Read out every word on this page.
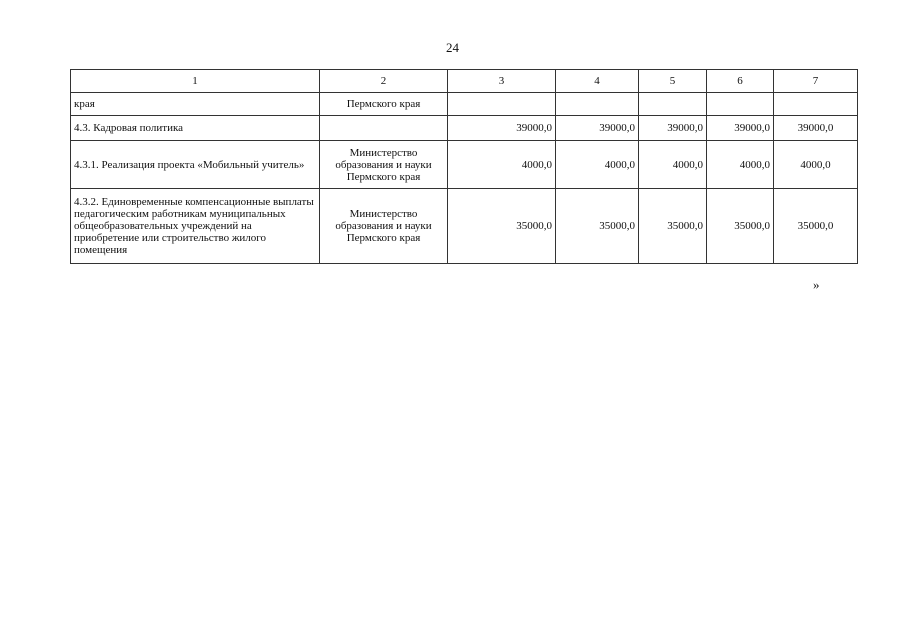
24
1	2	3	4	5	6	7
края	Пермского края					
4.3. Кадровая политика		39000,0	39000,0	39000,0	39000,0	39000,0
4.3.1. Реализация проекта «Мобильный учитель»	Министерство образования и науки Пермского края	4000,0	4000,0	4000,0	4000,0	4000,0
4.3.2. Единовременные компенсационные выплаты педагогическим работникам муниципальных общеобразовательных учреждений на приобретение или строительство жилого помещения	Министерство образования и науки Пермского края	35000,0	35000,0	35000,0	35000,0	35000,0
»
